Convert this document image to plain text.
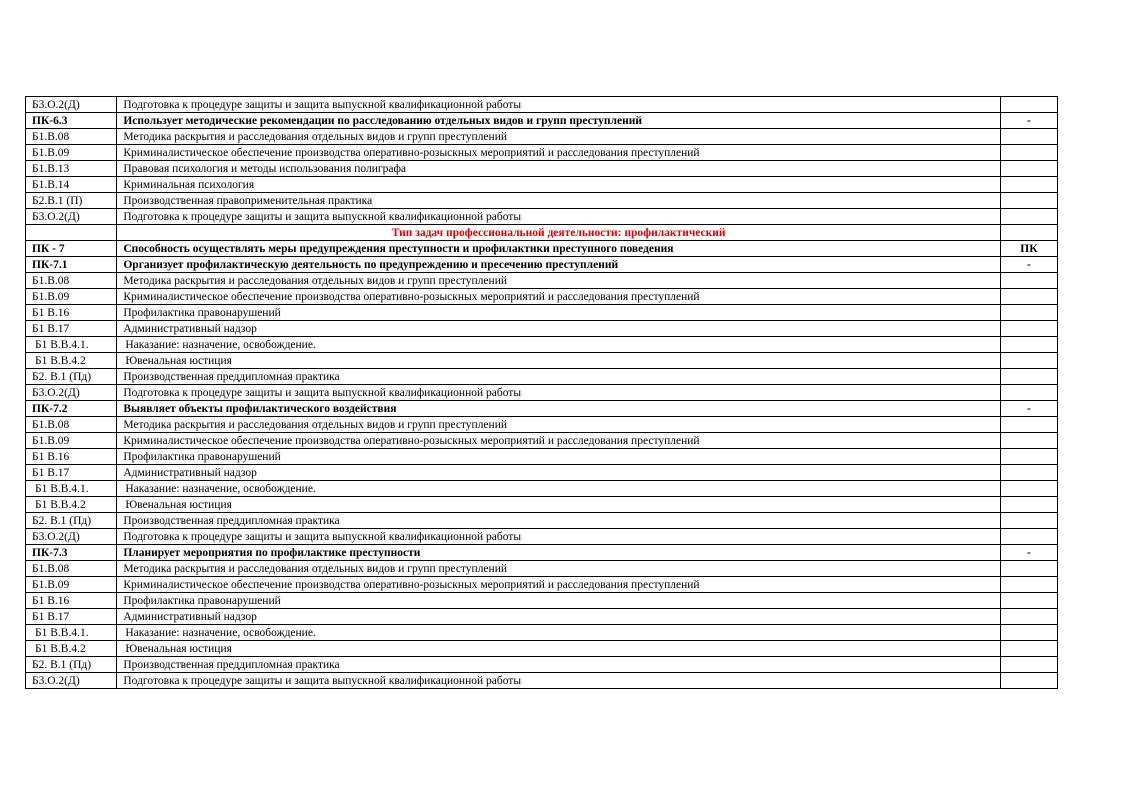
Б3.О.2(Д)	Подготовка к процедуре защиты и защита выпускной квалификационной работы	
ПК-6.3	Использует методические рекомендации по расследованию отдельных видов и групп преступлений	-
Б1.В.08	Методика раскрытия и расследования отдельных видов и групп преступлений	
Б1.В.09	Криминалистическое обеспечение производства оперативно-розыскных мероприятий и расследования преступлений	
Б1.В.13	Правовая психология и методы использования полиграфа	
Б1.В.14	Криминальная психология	
Б2.В.1 (П)	Производственная правоприменительная практика	
Б3.О.2(Д)	Подготовка к процедуре защиты и защита выпускной квалификационной работы	
	Тип задач профессиональной деятельности: профилактический	
ПК - 7	Способность осуществлять меры предупреждения преступности и профилактики преступного поведения	ПК
ПК-7.1	Организует профилактическую деятельность по предупреждению и пресечению преступлений	-
Б1.В.08	Методика раскрытия и расследования отдельных видов и групп преступлений	
Б1.В.09	Криминалистическое обеспечение производства оперативно-розыскных мероприятий и расследования преступлений	
Б1 В.16	Профилактика правонарушений	
Б1 В.17	Административный надзор	
Б1 В.В.4.1.	Наказание: назначение, освобождение.	
Б1 В.В.4.2	Ювенальная юстиция	
Б2. В.1 (Пд)	Производственная преддипломная практика	
Б3.О.2(Д)	Подготовка к процедуре защиты и защита выпускной квалификационной работы	
ПК-7.2	Выявляет объекты профилактического воздействия	-
Б1.В.08	Методика раскрытия и расследования отдельных видов и групп преступлений	
Б1.В.09	Криминалистическое обеспечение производства оперативно-розыскных мероприятий и расследования преступлений	
Б1 В.16	Профилактика правонарушений	
Б1 В.17	Административный надзор	
Б1 В.В.4.1.	Наказание: назначение, освобождение.	
Б1 В.В.4.2	Ювенальная юстиция	
Б2. В.1 (Пд)	Производственная преддипломная практика	
Б3.О.2(Д)	Подготовка к процедуре защиты и защита выпускной квалификационной работы	
ПК-7.3	Планирует мероприятия по профилактике преступности	-
Б1.В.08	Методика раскрытия и расследования отдельных видов и групп преступлений	
Б1.В.09	Криминалистическое обеспечение производства оперативно-розыскных мероприятий и расследования преступлений	
Б1 В.16	Профилактика правонарушений	
Б1 В.17	Административный надзор	
Б1 В.В.4.1.	Наказание: назначение, освобождение.	
Б1 В.В.4.2	Ювенальная юстиция	
Б2. В.1 (Пд)	Производственная преддипломная практика	
Б3.О.2(Д)	Подготовка к процедуре защиты и защита выпускной квалификационной работы	
